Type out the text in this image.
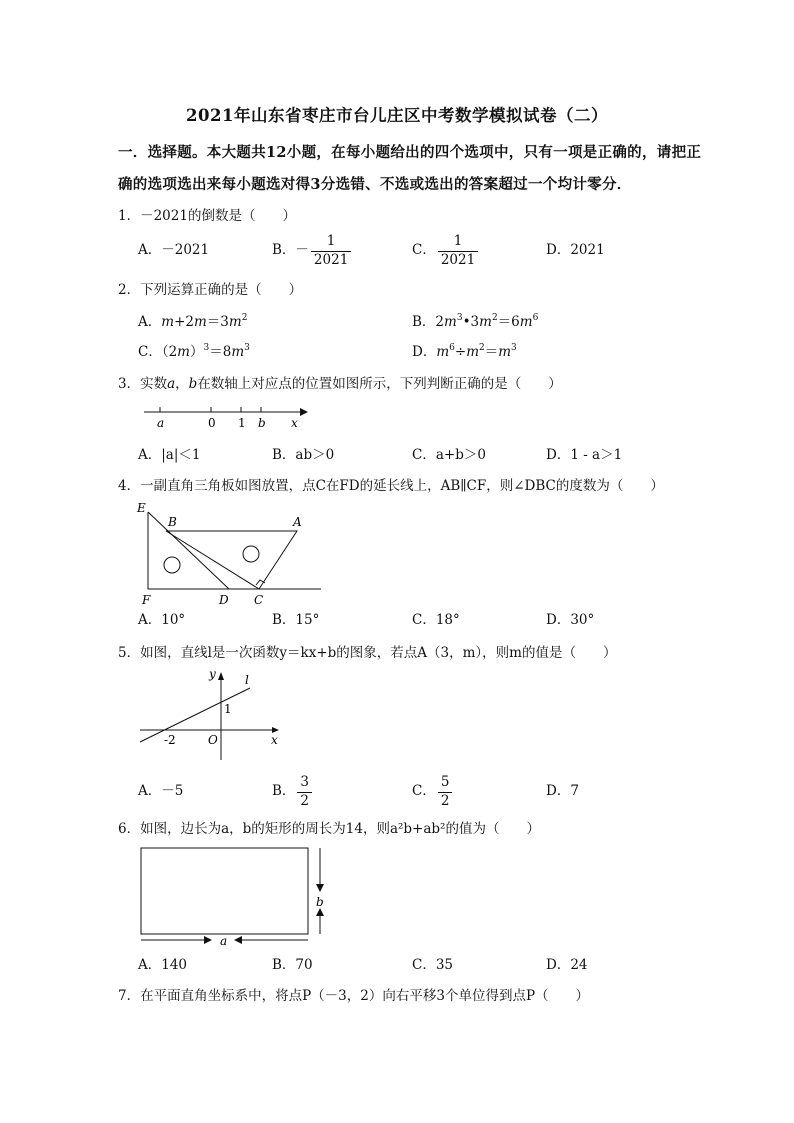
2021年山东省枣庄市台儿庄区中考数学模拟试卷（二）
一．选择题。本大题共12小题，在每小题给出的四个选项中，只有一项是正确的，请把正
确的选项选出来每小题选对得3分选错、不选或选出的答案超过一个均计零分．
1．－2021的倒数是（　　）
A．－2021	B．－ $\frac{1}{2021}$	C． $\frac{1}{2021}$	D．2021
2．下列运算正确的是（　　）
A．$m+2m=3m^2$	B．$2m^3•3m^2=6m^6$
C．$(2m)^3=8m^3$	D．$m^6\div m^2=m^3$
3．实数a，b在数轴上对应点的位置如图所示，下列判断正确的是（　　）
a	0 1 b x
A．|a|＜1	B．ab＞0	C．a+b＞0	D．1 - a＞1
4．一副直角三角板如图放置，点C在FD的延长线上，AB∥CF，则∠DBC的度数为（　　）
E
B	A
F	D C
A．10°	B．15°	C．18°	D．30°
5．如图，直线l是一次函数y＝kx+b的图象，若点A（3，m），则m的值是（　　）
y l
1
-2	O	x
A．－5	B． $\frac{3}{2}$	C． $\frac{5}{2}$	D．7
6．如图，边长为a，b的矩形的周长为14，则a²b+ab²的值为（　　）
b
a
A．140	B．70	C．35	D．24
7．在平面直角坐标系中，将点P（－3，2）向右平移3个单位得到点P（　　）
